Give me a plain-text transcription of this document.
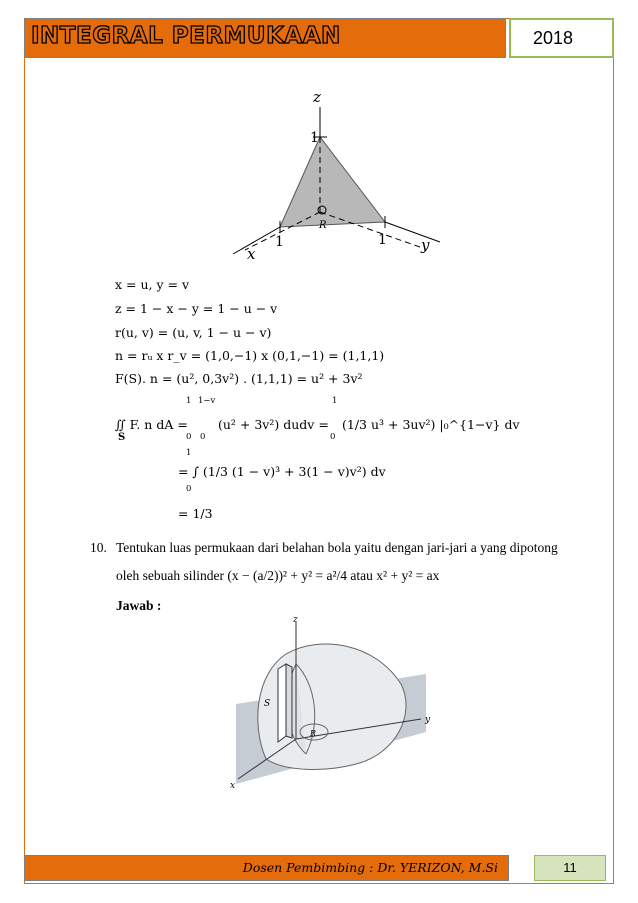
INTEGRAL PERMUKAAN	2018
z
1
1	1
R
x	y
x = u, y = v
z = 1 − x − y = 1 − u − v
r(u, v) = (u, v, 1 − u − v)
n = rᵤ x r_v = (1,0,−1) x (0,1,−1) = (1,1,1)
F(S). n = (u², 0,3v²) . (1,1,1) = u² + 3v²
∬ F. n dA =
S
1 1−v
0 0
(u² + 3v²) dudv =
1
0
(1/3 u³ + 3uv²) |₀^{1−v} dv
1
= ∫ (1/3 (1 − v)³ + 3(1 − v)v²) dv
0
= 1/3
10. Tentukan luas permukaan dari belahan bola yaitu dengan jari-jari a yang dipotong
oleh sebuah silinder (x − (a/2))² + y² = a²/4 atau x² + y² = ax
Jawab :
z
y
x
S
R
Dosen Pembimbing : Dr. YERIZON, M.Si	11
